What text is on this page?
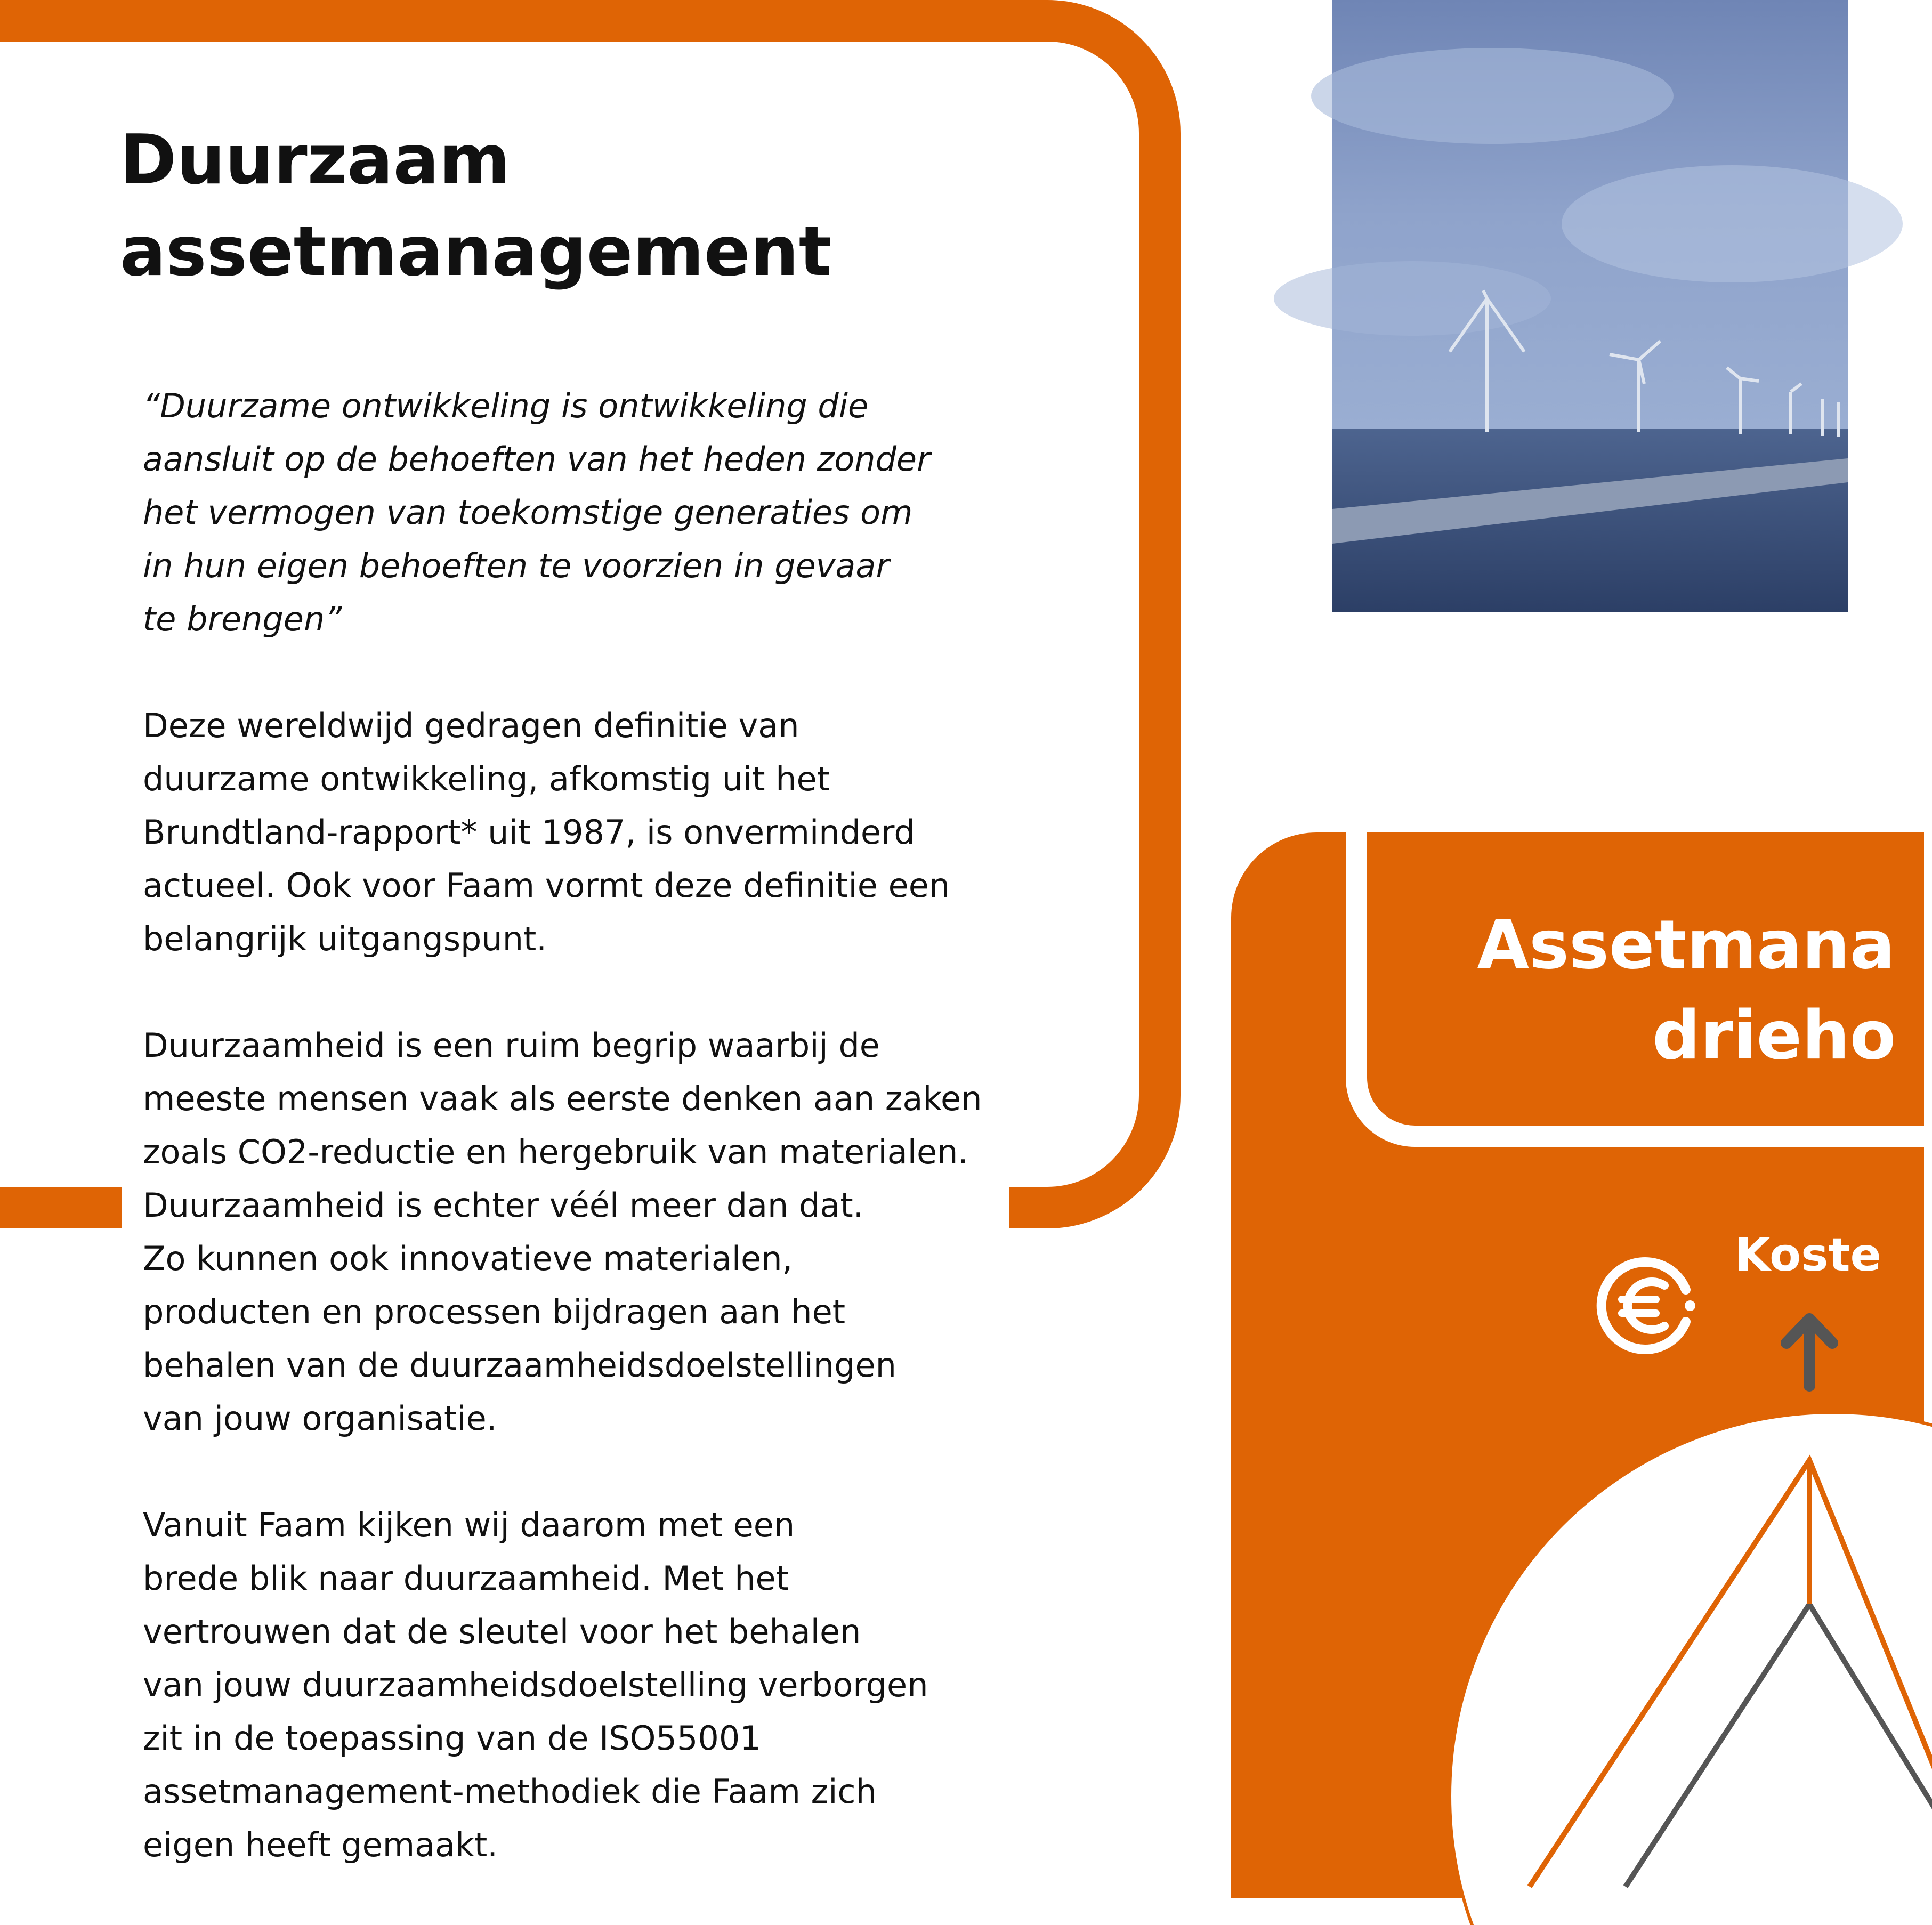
Duurzaam
assetmanagement
“Duurzame ontwikkeling is ontwikkeling die
aansluit op de behoeften van het heden zonder
het vermogen van toekomstige generaties om
in hun eigen behoeften te voorzien in gevaar
te brengen”

Deze wereldwijd gedragen definitie van
duurzame ontwikkeling, afkomstig uit het
Brundtland-rapport* uit 1987, is onverminderd
actueel. Ook voor Faam vormt deze definitie een
belangrijk uitgangspunt.

Duurzaamheid is een ruim begrip waarbij de
meeste mensen vaak als eerste denken aan zaken
zoals CO2-reductie en hergebruik van materialen.
Duurzaamheid is echter véél meer dan dat.
Zo kunnen ook innovatieve materialen,
producten en processen bijdragen aan het
behalen van de duurzaamheidsdoelstellingen
van jouw organisatie.

Vanuit Faam kijken wij daarom met een
brede blik naar duurzaamheid. Met het
vertrouwen dat de sleutel voor het behalen
van jouw duurzaamheidsdoelstelling verborgen
zit in de toepassing van de ISO55001
assetmanagement-methodiek die Faam zich
eigen heeft gemaakt.

Assetmana
drieho
Koste
